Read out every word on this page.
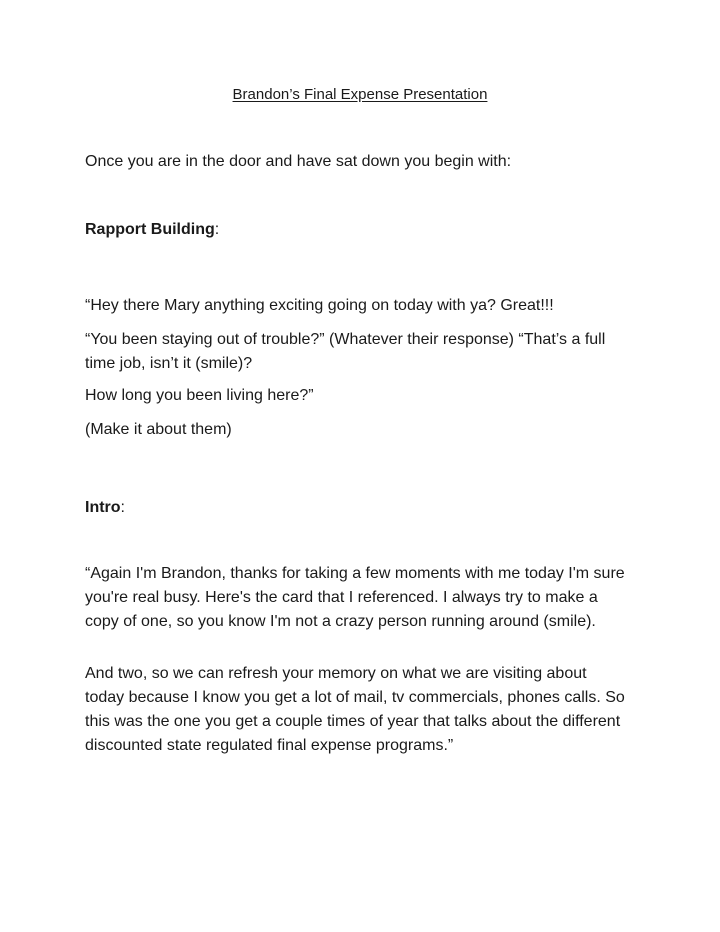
Brandon’s Final Expense Presentation

Once you are in the door and have sat down you begin with:

Rapport Building:

“Hey there Mary anything exciting going on today with ya? Great!!!

“You been staying out of trouble?” (Whatever their response) “That’s a full time job, isn’t it (smile)?

How long you been living here?”

(Make it about them)

Intro:

“Again I'm Brandon, thanks for taking a few moments with me today I'm sure you're real busy. Here's the card that I referenced. I always try to make a copy of one, so you know I'm not a crazy person running around (smile).

And two, so we can refresh your memory on what we are visiting about today because I know you get a lot of mail, tv commercials, phones calls. So this was the one you get a couple times of year that talks about the different discounted state regulated final expense programs.”
